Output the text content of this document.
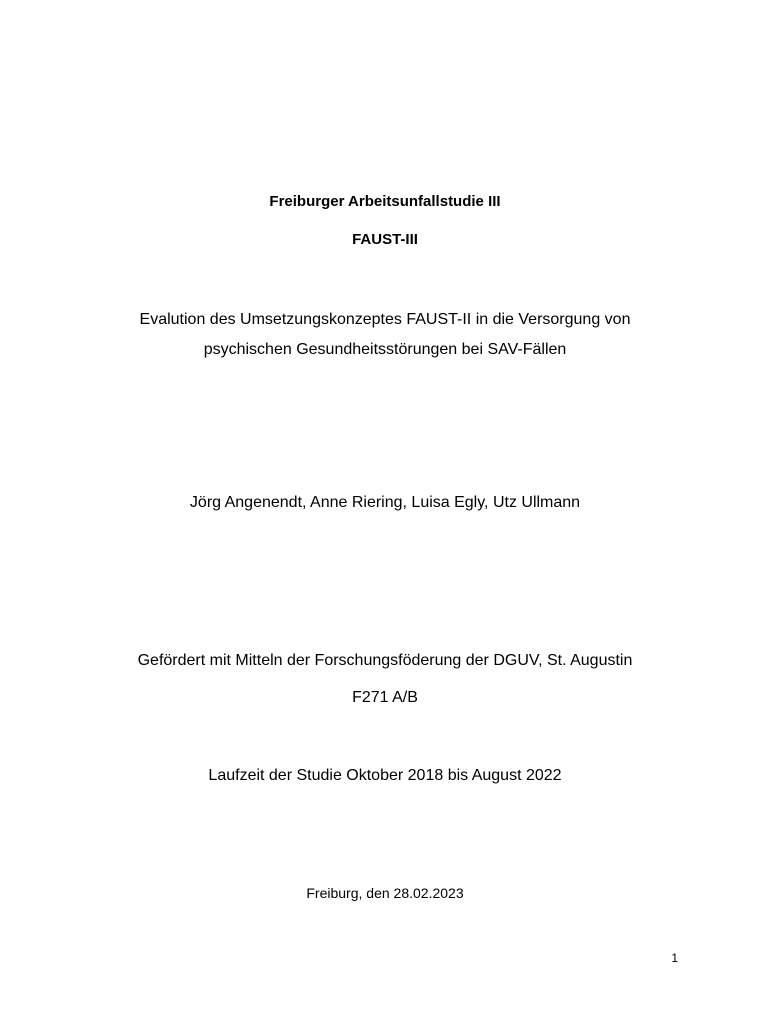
Freiburger Arbeitsunfallstudie III
FAUST-III
Evalution des Umsetzungskonzeptes FAUST-II in die Versorgung von
psychischen Gesundheitsstörungen bei SAV-Fällen
Jörg Angenendt, Anne Riering, Luisa Egly, Utz Ullmann
Gefördert mit Mitteln der Forschungsföderung der DGUV, St. Augustin
F271 A/B
Laufzeit der Studie Oktober 2018 bis August 2022
Freiburg, den 28.02.2023
1
